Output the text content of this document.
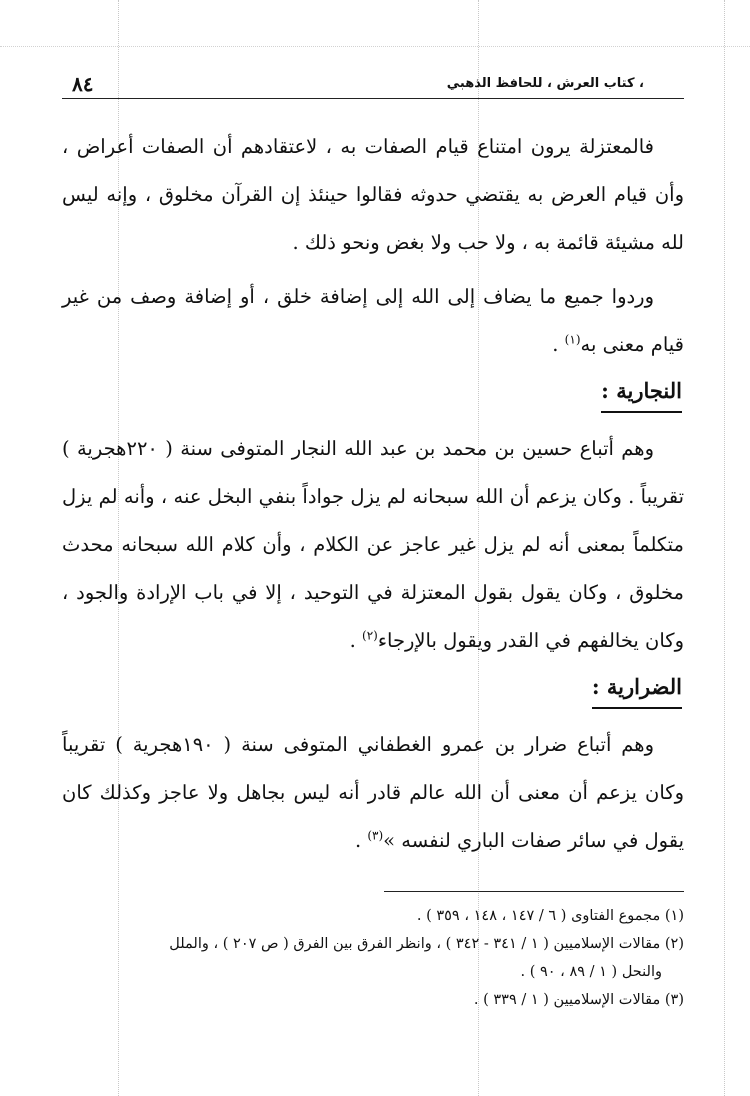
، كتاب العرش ، للحافظ الذهبي
٨٤

فالمعتزلة يرون امتناع قيام الصفات به ، لاعتقادهم أن الصفات أعراض ، وأن قيام العرض به يقتضي حدوثه فقالوا حينئذ إن القرآن مخلوق ، وإنه ليس لله مشيئة قائمة به ، ولا حب ولا بغض ونحو ذلك .

وردوا جميع ما يضاف إلى الله إلى إضافة خلق ، أو إضافة وصف من غير قيام معنى به$^{(١)}$ .

النجارية :

وهم أتباع حسين بن محمد بن عبد الله النجار المتوفى سنة ( ٢٢٠هجرية ) تقريباً . وكان يزعم أن الله سبحانه لم يزل جواداً بنفي البخل عنه ، وأنه لم يزل متكلماً بمعنى أنه لم يزل غير عاجز عن الكلام ، وأن كلام الله سبحانه محدث مخلوق ، وكان يقول بقول المعتزلة في التوحيد ، إلا في باب الإرادة والجود ، وكان يخالفهم في القدر ويقول بالإرجاء$^{(٢)}$ .

الضرارية :

وهم أتباع ضرار بن عمرو الغطفاني المتوفى سنة ( ١٩٠هجرية ) تقريباً وكان يزعم أن معنى أن الله عالم قادر أنه ليس بجاهل ولا عاجز وكذلك كان يقول في سائر صفات الباري لنفسه »$^{(٣)}$ .

(١) مجموع الفتاوى ( ٦ / ١٤٧ ، ١٤٨ ، ٣٥٩ ) .

(٢) مقالات الإسلاميين ( ١ / ٣٤١ - ٣٤٢ ) ، وانظر الفرق بين الفرق ( ص ٢٠٧ ) ، والملل

والنحل ( ١ / ٨٩ ، ٩٠ ) .

(٣) مقالات الإسلاميين ( ١ / ٣٣٩ ) .
